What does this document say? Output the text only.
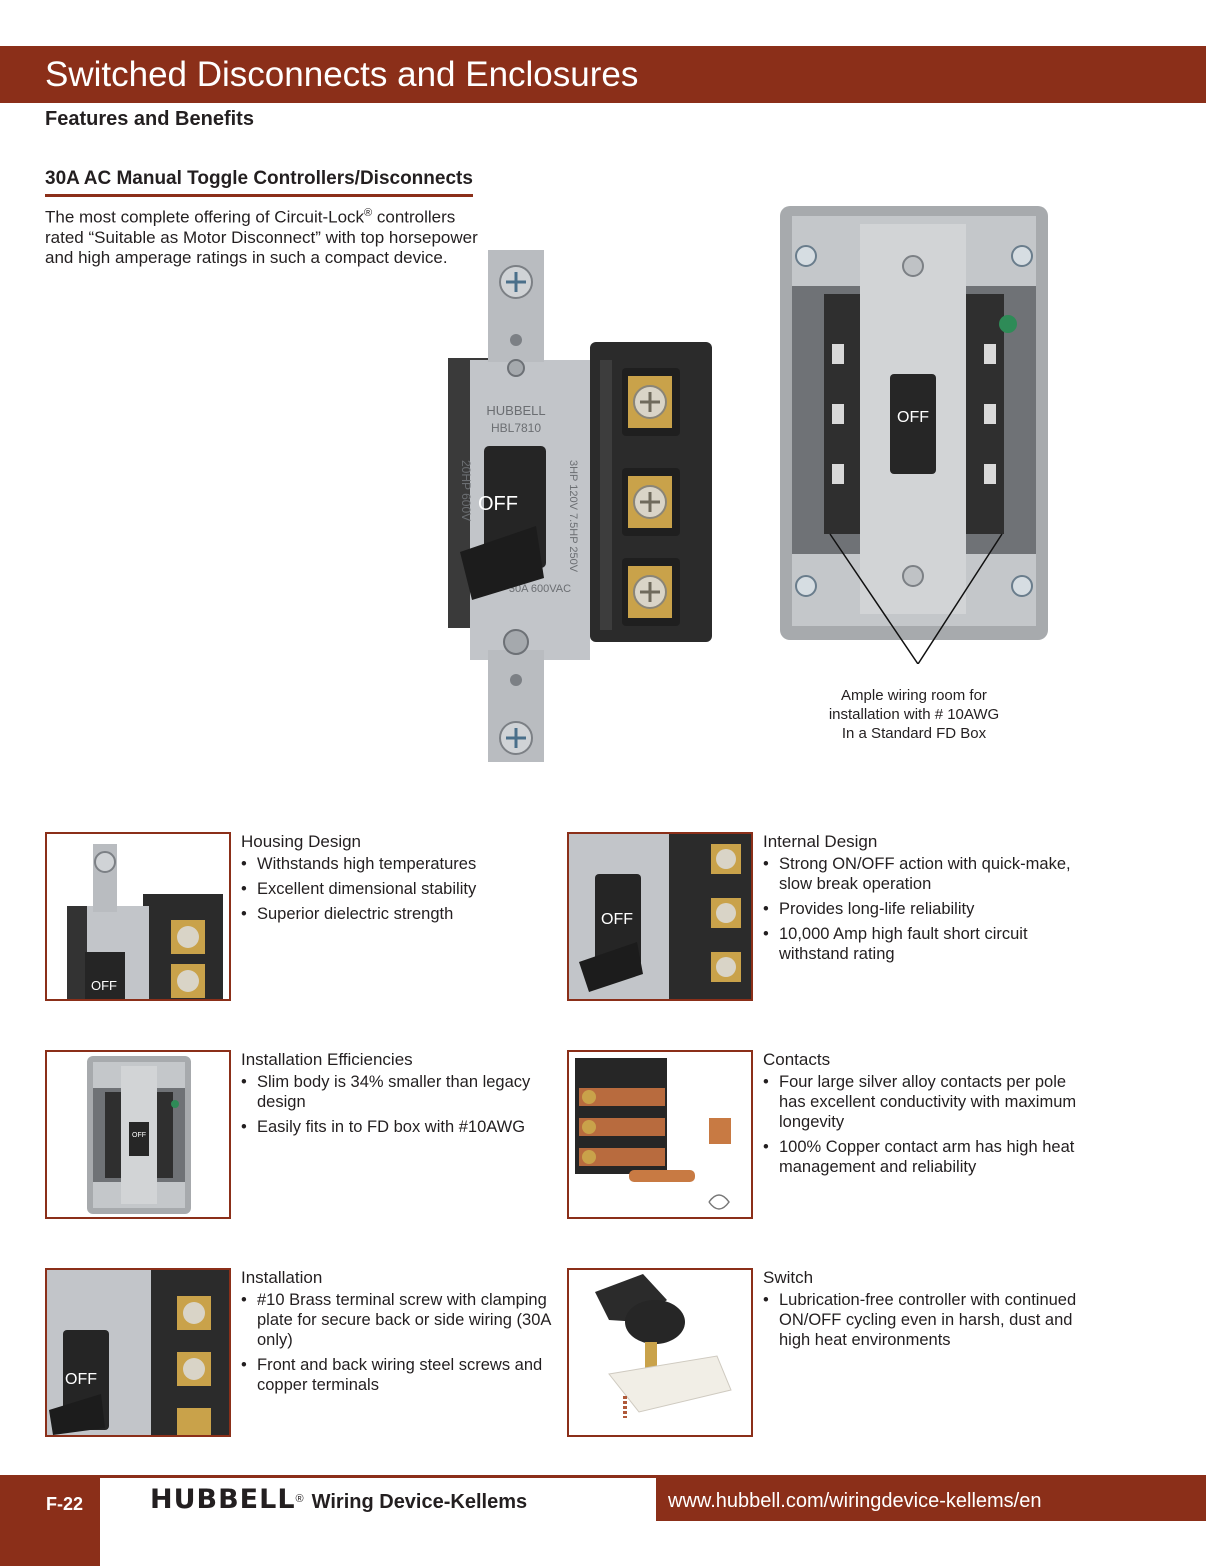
Switched Disconnects and Enclosures
Features and Benefits
30A AC Manual Toggle Controllers/Disconnects

The most complete offering of Circuit-Lock® controllers rated “Suitable as Motor Disconnect” with top horsepower and high amperage ratings in such a compact device.

HUBBELL
HBL7810
20HP 600V	3HP 120V 7.5HP 250V
30A 600VAC
OFF
OFF
Ample wiring room for
installation with # 10AWG
In a Standard FD Box
OFF
Housing Design
• Withstands high temperatures
• Excellent dimensional stability
• Superior dielectric strength	OFF
Internal Design
• Strong ON/OFF action with quick-make, slow break operation
• Provides long-life reliability
• 10,000 Amp high fault short circuit withstand rating
OFF
Installation Efficiencies
• Slim body is 34% smaller than legacy design
• Easily fits in to FD box with #10AWG
Contacts
• Four large silver alloy contacts per pole has excellent conductivity with maximum longevity
• 100% Copper contact arm has high heat management and reliability
OFF
Installation
• #10 Brass terminal screw with clamping plate for secure back or side wiring (30A only)
• Front and back wiring steel screws and copper terminals
Switch
• Lubrication-free controller with continued ON/OFF cycling even in harsh, dust and high heat environments
F-22 HUBBELL® Wiring Device-Kellems	www.hubbell.com/wiringdevice-kellems/en
